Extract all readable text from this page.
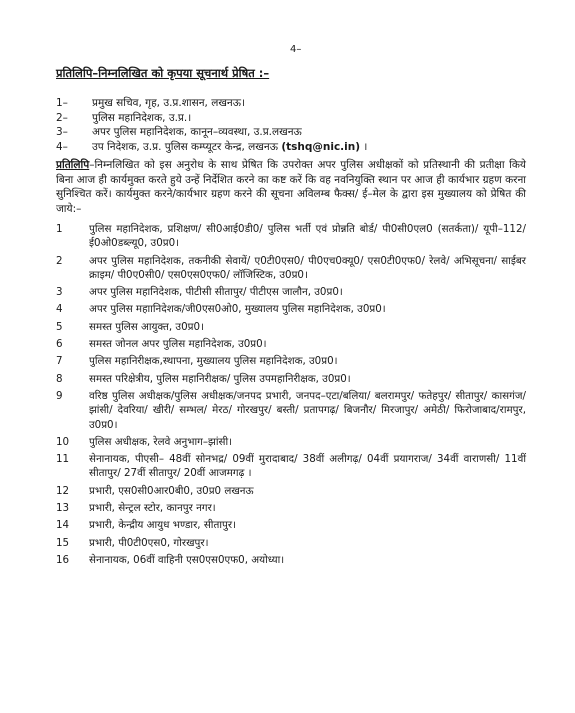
4–
प्रतिलिपि–निम्नलिखित को कृपया सूचनार्थ प्रेषित :–
1–	प्रमुख सचिव, गृह, उ.प्र.शासन, लखनऊ।
2–	पुलिस महानिदेशक, उ.प्र.।
3–	अपर पुलिस महानिदेशक, कानून–व्यवस्था, उ.प्र.लखनऊ
4–	उप निदेशक, उ.प्र. पुलिस कम्प्यूटर केन्द्र, लखनऊ (tshq@nic.in) ।
प्रतिलिपि–निम्नलिखित को इस अनुरोध के साथ प्रेषित कि उपरोक्त अपर पुलिस अधीक्षकों को प्रतिस्थानी की प्रतीक्षा किये बिना आज ही कार्यमुक्त करते हुये उन्हें निर्देशित करने का कष्ट करें कि वह नवनियुक्ति स्थान पर आज ही कार्यभार ग्रहण करना सुनिश्चित करें। कार्यमुक्त करने/कार्यभार ग्रहण करने की सूचना अविलम्ब फैक्स/ ई–मेल के द्वारा इस मुख्यालय को प्रेषित की जाये:–
1	पुलिस महानिदेशक, प्रशिक्षण/ सी0आई0डी0/ पुलिस भर्ती एवं प्रोन्नति बोर्ड/ पी0सी0एल0 (सतर्कता)/ यूपी–112/ ई0ओ0डब्ल्यू0, उ0प्र0।
2	अपर पुलिस महानिदेशक, तकनीकी सेवायें/ ए0टी0एस0/ पी0एच0क्यू0/ एस0टी0एफ0/ रेलवे/ अभिसूचना/ साईबर क्राइम/ पी0ए0सी0/ एस0एस0एफ0/ लॉजिस्टिक, उ0प्र0।
3	अपर पुलिस महानिदेशक, पीटीसी सीतापुर/ पीटीएस जालौन, उ0प्र0।
4	अपर पुलिस महाानिदेशक/जी0एस0ओ0, मुख्यालय पुलिस महानिदेशक, उ0प्र0।
5	समस्त पुलिस आयुक्त, उ0प्र0।
6	समस्त जोनल अपर पुलिस महानिदेशक, उ0प्र0।
7	पुलिस महानिरीक्षक,स्थापना, मुख्यालय पुलिस महानिदेशक, उ0प्र0।
8	समस्त परिक्षेत्रीय, पुलिस महानिरीक्षक/ पुलिस उपमहानिरीक्षक, उ0प्र0।
9	वरिष्ठ पुलिस अधीक्षक/पुलिस अधीक्षक/जनपद प्रभारी, जनपद–एटा/बलिया/ बलरामपुर/ फतेहपुर/ सीतापुर/ कासगंज/ झांसी/ देवरिया/ खीरी/ सम्भल/ मेरठ/ गोरखपुर/ बस्ती/ प्रतापगढ़/ बिजनौर/ मिरजापुर/ अमेठी/ फिरोजाबाद/रामपुर, उ0प्र0।
10	पुलिस अधीक्षक, रेलवे अनुभाग–झांसी।
11	सेनानायक, पीएसी– 48वीं सोनभद्र/ 09वीं मुरादाबाद/ 38वीं अलीगढ़/ 04वीं प्रयागराज/ 34वीं वाराणसी/ 11वीं सीतापुर/ 27वीं सीतापुर/ 20वीं आजमगढ़ ।
12	प्रभारी, एस0सी0आर0बी0, उ0प्र0 लखनऊ
13	प्रभारी, सेन्ट्रल स्टोर, कानपुर नगर।
14	प्रभारी, केन्द्रीय आयुध भण्डार, सीतापुर।
15	प्रभारी, पी0टी0एस0, गोरखपुर।
16	सेनानायक, 06वीं वाहिनी एस0एस0एफ0, अयोध्या।
